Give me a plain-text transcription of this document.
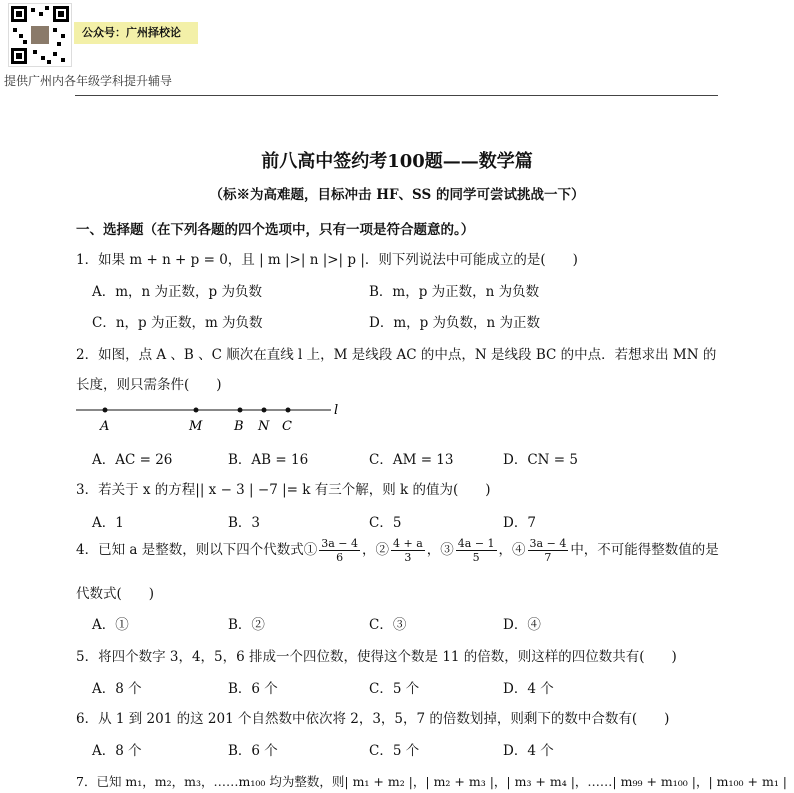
公众号：广州择校论
提供广州内各年级学科提升辅导
前八高中签约考100题——数学篇
（标※为高难题，目标冲击 HF、SS 的同学可尝试挑战一下）
一、选择题（在下列各题的四个选项中，只有一项是符合题意的。）
1．如果 m + n + p = 0，且 | m |>| n |>| p |．则下列说法中可能成立的是(　　)
A．m，n 为正数，p 为负数	B．m，p 为正数，n 为负数
C．n，p 为正数，m 为负数	D．m，p 为负数，n 为正数
2．如图，点 A 、B 、C 顺次在直线 l 上，M 是线段 AC 的中点，N 是线段 BC 的中点．若想求出 MN 的
长度，则只需条件(　　)
A	M B N C
l
A．AC = 26	B．AB = 16	C．AM = 13	D．CN = 5
3．若关于 x 的方程|| x − 3 | −7 |= k 有三个解，则 k 的值为(　　)
A．1	B．3	C．5	D．7
4．已知 a 是整数，则以下四个代数式① $\frac{3a - 4}{6}$ ，② $\frac{4 + a}{3}$ ，③ $\frac{4a - 1}{5}$ ，④ $\frac{3a - 4}{7}$ 中，不可能得整数值的是
代数式(　　)
A．①	B．②	C．③	D．④
5．将四个数字 3，4，5，6 排成一个四位数，使得这个数是 11 的倍数，则这样的四位数共有(　　)
A．8 个	B．6 个	C．5 个	D．4 个
6．从 1 到 201 的这 201 个自然数中依次将 2，3，5，7 的倍数划掉，则剩下的数中合数有(　　)
A．8 个	B．6 个	C．5 个	D．4 个
7．已知 m₁，m₂，m₃，……m₁₀₀ 均为整数，则| m₁ + m₂ |，| m₂ + m₃ |，| m₃ + m₄ |，……| m₉₉ + m₁₀₀ |，| m₁₀₀ + m₁ |
